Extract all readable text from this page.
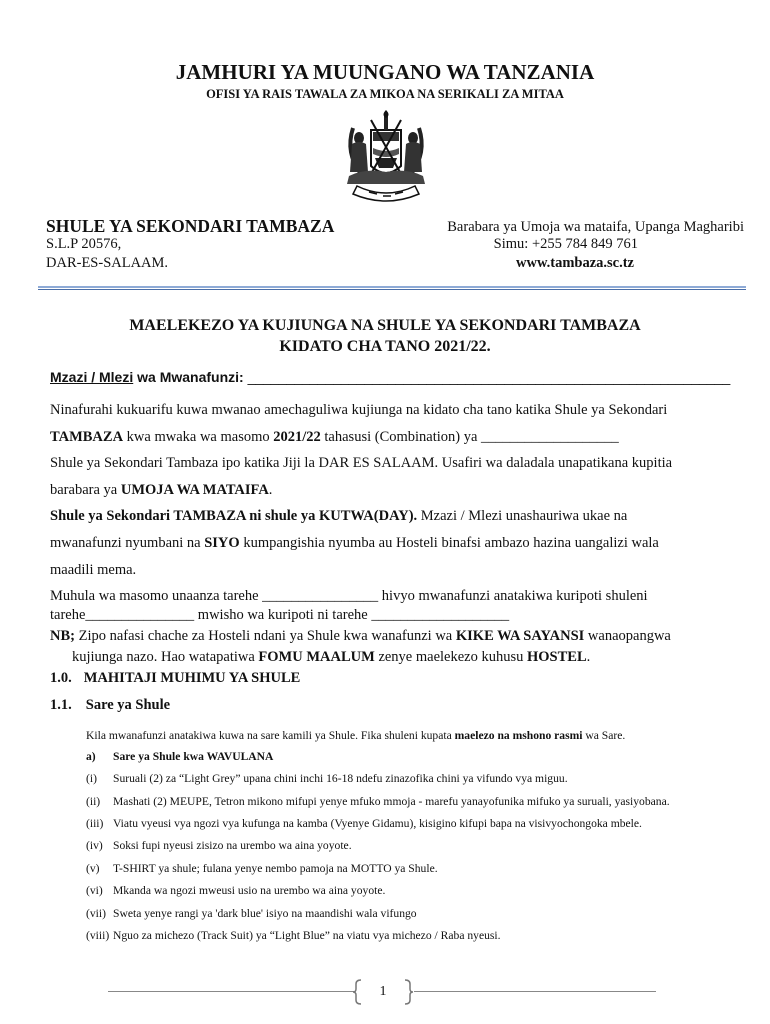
JAMHURI YA MUUNGANO WA TANZANIA
OFISI YA RAIS TAWALA ZA MIKOA NA SERIKALI ZA MITAA
SHULE YA SEKONDARI TAMBAZA
S.L.P 20576,
DAR-ES-SALAAM.
Barabara ya Umoja wa mataifa, Upanga Magharibi
Simu: +255 784 849 761
www.tambaza.sc.tz
MAELEKEZO YA KUJIUNGA NA SHULE YA SEKONDARI TAMBAZA
KIDATO CHA TANO 2021/22.
Mzazi / Mlezi wa Mwanafunzi: ______________________________________________________________
Ninafurahi kukuarifu kuwa mwanao amechaguliwa kujiunga na kidato cha tano katika Shule ya Sekondari
TAMBAZA kwa mwaka wa masomo 2021/22 tahasusi (Combination) ya ___________________
Shule ya Sekondari Tambaza ipo katika Jiji la DAR ES SALAAM. Usafiri wa daladala unapatikana kupitia
barabara ya UMOJA WA MATAIFA.
Shule ya Sekondari TAMBAZA ni shule ya KUTWA(DAY). Mzazi / Mlezi unashauriwa ukae na
mwanafunzi nyumbani na SIYO kumpangishia nyumba au Hosteli binafsi ambazo hazina uangalizi wala
maadili mema.
Muhula wa masomo unaanza tarehe ________________ hivyo mwanafunzi anatakiwa kuripoti shuleni
tarehe_______________ mwisho wa kuripoti ni tarehe ___________________
NB; Zipo nafasi chache za Hosteli ndani ya Shule kwa wanafunzi wa KIKE WA SAYANSI wanaopangwa
kujiunga nazo. Hao watapatiwa FOMU MAALUM zenye maelekezo kuhusu HOSTEL.
1.0. MAHITAJI MUHIMU YA SHULE
1.1. Sare ya Shule
Kila mwanafunzi anatakiwa kuwa na sare kamili ya Shule. Fika shuleni kupata maelezo na mshono rasmi wa Sare.
a) Sare ya Shule kwa WAVULANA
(i) Suruali (2) za “Light Grey” upana chini inchi 16-18 ndefu zinazofika chini ya vifundo vya miguu.
(ii) Mashati (2) MEUPE, Tetron mikono mifupi yenye mfuko mmoja - marefu yanayofunika mifuko ya suruali, yasiyobana.
(iii) Viatu vyeusi vya ngozi vya kufunga na kamba (Vyenye Gidamu), kisigino kifupi bapa na visivyochongoka mbele.
(iv) Soksi fupi nyeusi zisizo na urembo wa aina yoyote.
(v) T-SHIRT ya shule; fulana yenye nembo pamoja na MOTTO ya Shule.
(vi) Mkanda wa ngozi mweusi usio na urembo wa aina yoyote.
(vii) Sweta yenye rangi ya 'dark blue' isiyo na maandishi wala vifungo
(viii) Nguo za michezo (Track Suit) ya “Light Blue” na viatu vya michezo / Raba nyeusi.
1
